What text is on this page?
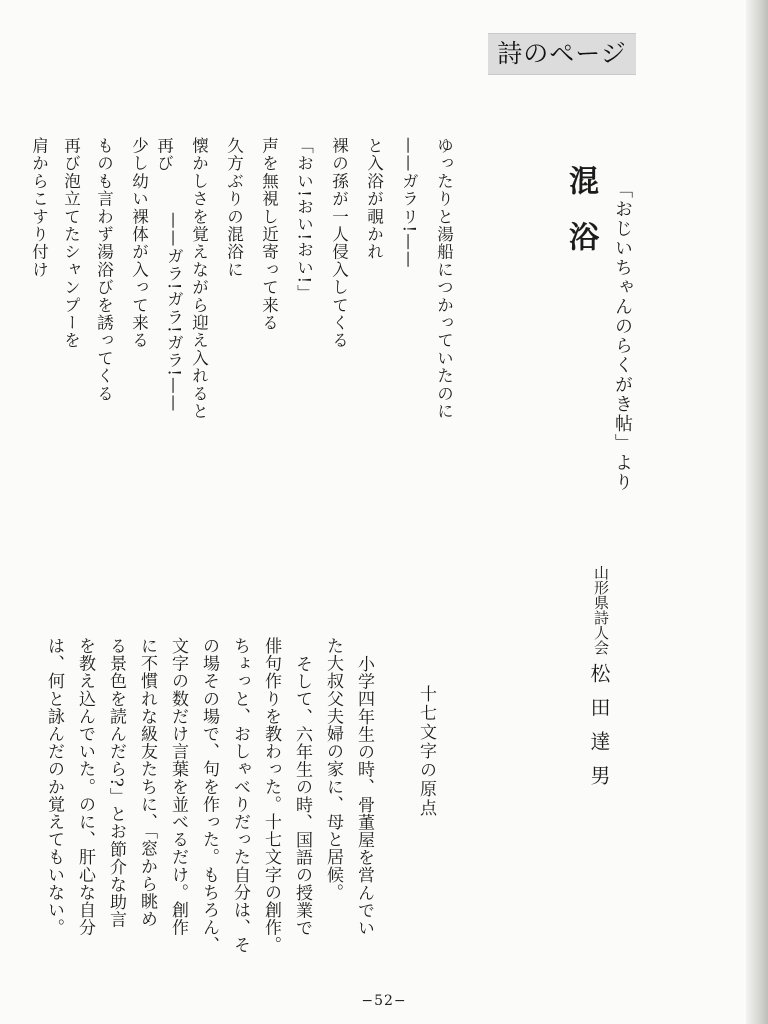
詩のページ
「おじいちゃんのらくがき帖」より
混浴
ゆったりと湯船につかっていたのに
——ガラリ!——
と入浴が覗かれ
裸の孫が一人侵入してくる
「おい!おい!おい!」
声を無視し近寄って来る
久方ぶりの混浴に
懐かしさを覚えながら迎え入れると
再び
——ガラ!ガラ!ガラ!——
少し幼い裸体が入って来る
ものも言わず湯浴びを誘ってくる
再び泡立てたシャンプーを
肩からこすり付け
山形県詩人会
松田達男
十七文字の原点
小学四年生の時、骨董屋を営んでい
た大叔父夫婦の家に、母と居候。
そして、六年生の時、国語の授業で
俳句作りを教わった。十七文字の創作。
ちょっと、おしゃべりだった自分は、そ
の場その場で、句を作った。もちろん、
文字の数だけ言葉を並べるだけ。創作
に不慣れな級友たちに、「窓から眺め
る景色を読んだら?」とお節介な助言
を教え込んでいた。のに、肝心な自分
は、何と詠んだのか覚えてもいない。
−52−
